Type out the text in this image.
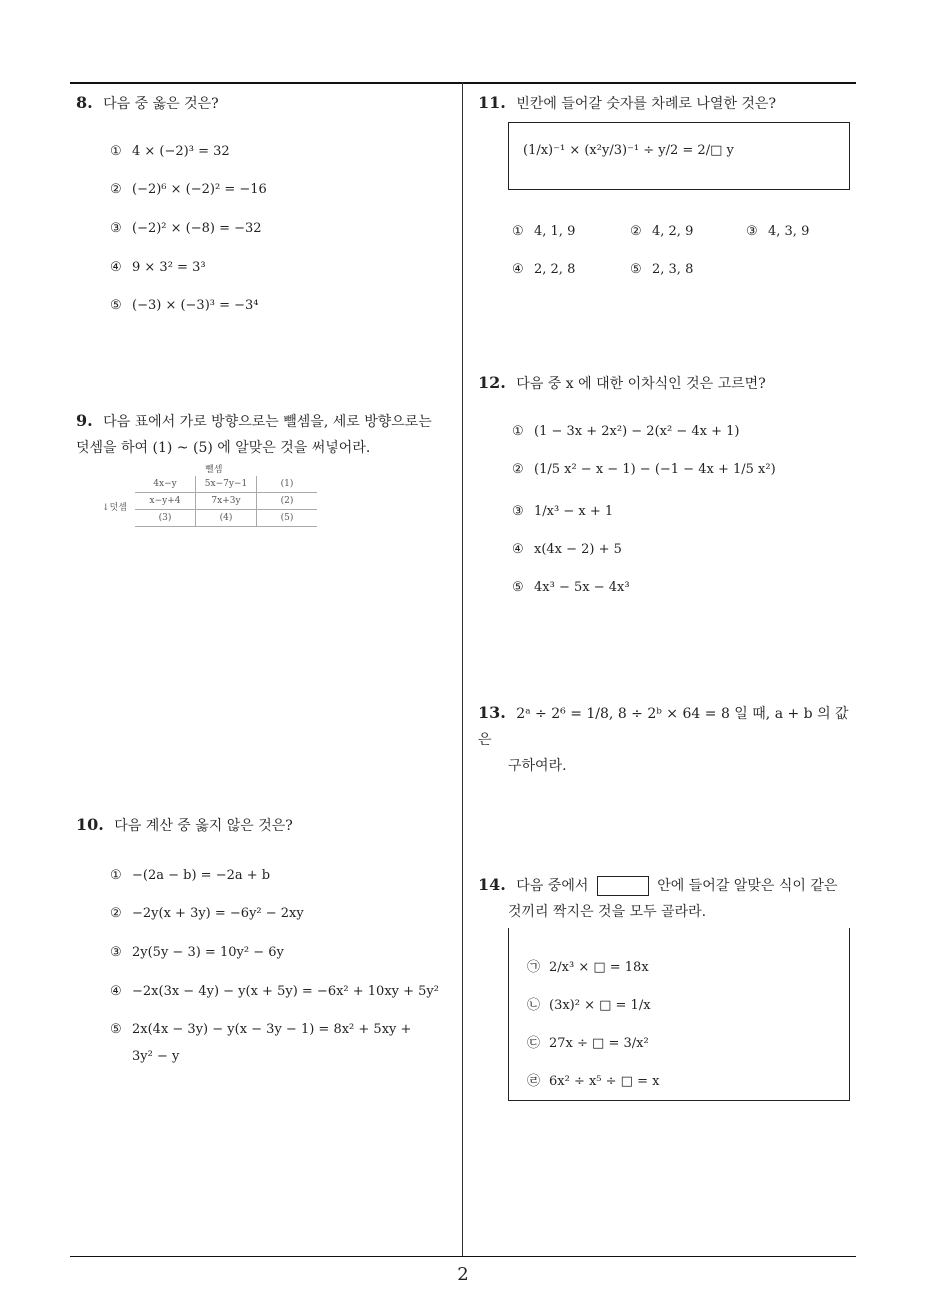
8. 다음 중 옳은 것은?
① 4 × (−2)³ = 32
② (−2)⁶ × (−2)² = −16
③ (−2)² × (−8) = −32
④ 9 × 3² = 3³
⑤ (−3) × (−3)³ = −3⁴
9. 다음 표에서 가로 방향으로는 뺄셈을, 세로 방향으로는
덧셈을 하여 (1) ~ (5) 에 알맞은 것을 써넣어라.
뺄셈
↓덧셈
4x−y	5x−7y−1	(1)
x−y+4	7x+3y	(2)
(3)	(4)	(5)
10. 다음 계산 중 옳지 않은 것은?
① −(2a − b) = −2a + b
② −2y(x + 3y) = −6y² − 2xy
③ 2y(5y − 3) = 10y² − 6y
④ −2x(3x − 4y) − y(x + 5y) = −6x² + 10xy + 5y²
⑤ 2x(4x − 3y) − y(x − 3y − 1) = 8x² + 5xy +
3y² − y
11. 빈칸에 들어갈 숫자를 차례로 나열한 것은?
(1/x)⁻¹ × (x²y/3)⁻¹ ÷ y/2 = 2/□ y
① 4, 1, 9	② 4, 2, 9	③ 4, 3, 9
④ 2, 2, 8	⑤ 2, 3, 8
12. 다음 중 x 에 대한 이차식인 것은 고르면?
① (1 − 3x + 2x²) − 2(x² − 4x + 1)
② (1/5 x² − x − 1) − (−1 − 4x + 1/5 x²)
③ 1/x³ − x + 1
④ x(4x − 2) + 5
⑤ 4x³ − 5x − 4x³
13. 2ᵃ ÷ 2⁶ = 1/8, 8 ÷ 2ᵇ × 64 = 8 일 때, a + b 의 값은
구하여라.
14. 다음 중에서	안에 들어갈 알맞은 식이 같은
것끼리 짝지은 것을 모두 골라라.
㉠ 2/x³ × □ = 18x
㉡ (3x)² × □ = 1/x
㉢ 27x ÷ □ = 3/x²
㉣ 6x² ÷ x⁵ ÷ □ = x
2
